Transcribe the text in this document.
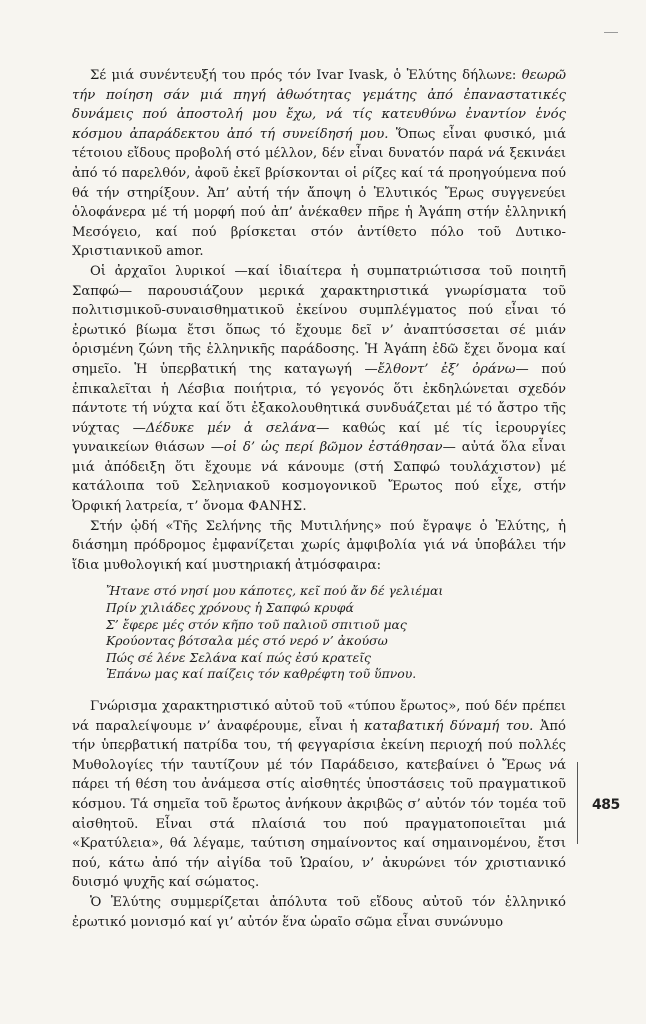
Σέ μιά συνέντευξή του πρός τόν Ivar Ivask, ὁ Ἐλύτης δήλωνε: θεωρῶ τήν ποίηση σάν μιά πηγή ἀθωότητας γεμάτης ἀπό ἐπαναστατικές δυνάμεις πού ἀποστολή μου ἔχω, νά τίς κατευθύνω ἐναντίον ἑνός κόσμου ἀπαράδεκτου ἀπό τή συνείδησή μου. Ὅπως εἶναι φυσικό, μιά τέτοιου εἴδους προβολή στό μέλλον, δέν εἶναι δυνατόν παρά νά ξεκινάει ἀπό τό παρελθόν, ἀφοῦ ἐκεῖ βρίσκονται οἱ ρίζες καί τά προηγούμενα πού θά τήν στηρίξουν. Ἀπ’ αὐτή τήν ἄποψη ὁ Ἐλυτικός Ἔρως συγγενεύει ὁλοφάνερα μέ τή μορφή πού ἀπ’ ἀνέκαθεν πῆρε ἡ Ἀγάπη στήν ἑλληνική Μεσόγειο, καί πού βρίσκεται στόν ἀντίθετο πόλο τοῦ Δυτικο-Χριστιανικοῦ amor.

Οἱ ἀρχαῖοι λυρικοί —καί ἰδιαίτερα ἡ συμπατριώτισσα τοῦ ποιητῆ Σαπφώ— παρουσιάζουν μερικά χαρακτηριστικά γνωρίσματα τοῦ πολιτισμικοῦ-συναισθηματικοῦ ἐκείνου συμπλέγματος πού εἶναι τό ἐρωτικό βίωμα ἔτσι ὅπως τό ἔχουμε δεῖ ν’ ἀναπτύσσεται σέ μιάν ὁρισμένη ζώνη τῆς ἑλληνικῆς παράδοσης. Ἡ Ἀγάπη ἐδῶ ἔχει ὄνομα καί σημεῖο. Ἡ ὑπερβατική της καταγωγή —ἔλθοντ’ ἐξ’ ὀράνω— πού ἐπικαλεῖται ἡ Λέσβια ποιήτρια, τό γεγονός ὅτι ἐκδηλώνεται σχεδόν πάντοτε τή νύχτα καί ὅτι ἐξακολουθητικά συνδυάζεται μέ τό ἄστρο τῆς νύχτας —Δέδυκε μέν ἀ σελάνα— καθώς καί μέ τίς ἱερουργίες γυναικείων θιάσων —οἱ δ’ ὡς περί βῶμον ἐστάθησαν— αὐτά ὅλα εἶναι μιά ἀπόδειξη ὅτι ἔχουμε νά κάνουμε (στή Σαπφώ τουλάχιστον) μέ κατάλοιπα τοῦ Σεληνιακοῦ κοσμογονικοῦ Ἔρωτος πού εἶχε, στήν Ὀρφική λατρεία, τ’ ὄνομα ΦΑΝΗΣ.

Στήν ᾠδή «Τῆς Σελήνης τῆς Μυτιλήνης» πού ἔγραψε ὁ Ἐλύτης, ἡ διάσημη πρόδρομος ἐμφανίζεται χωρίς ἀμφιβολία γιά νά ὑποβάλει τήν ἴδια μυθολογική καί μυστηριακή ἀτμόσφαιρα:

Ἤτανε στό νησί μου κάποτες, κεῖ πού ἄν δέ γελιέμαι
Πρίν χιλιάδες χρόνους ἡ Σαπφώ κρυφά
Σ’ ἔφερε μές στόν κῆπο τοῦ παλιοῦ σπιτιοῦ μας
Κρούοντας βότσαλα μές στό νερό ν’ ἀκούσω
Πώς σέ λένε Σελάνα καί πώς ἐσύ κρατεῖς
Ἐπάνω μας καί παίζεις τόν καθρέφτη τοῦ ὕπνου.

Γνώρισμα χαρακτηριστικό αὐτοῦ τοῦ «τύπου ἔρωτος», πού δέν πρέπει νά παραλείψουμε ν’ ἀναφέρουμε, εἶναι ἡ καταβατική δύναμή του. Ἀπό τήν ὑπερβατική πατρίδα του, τή φεγγαρίσια ἐκείνη περιοχή πού πολλές Μυθολογίες τήν ταυτίζουν μέ τόν Παράδεισο, κατεβαίνει ὁ Ἔρως νά πάρει τή θέση του ἀνάμεσα στίς αἰσθητές ὑποστάσεις τοῦ πραγματικοῦ κόσμου. Τά σημεῖα τοῦ ἔρωτος ἀνήκουν ἀκριβῶς σ’ αὐτόν τόν τομέα τοῦ αἰσθητοῦ. Εἶναι στά πλαίσιά του πού πραγματοποιεῖται μιά «Κρατύλεια», θά λέγαμε, ταύτιση σημαίνοντος καί σημαινομένου, ἔτσι πού, κάτω ἀπό τήν αἰγίδα τοῦ Ὡραίου, ν’ ἀκυρώνει τόν χριστιανικό δυισμό ψυχῆς καί σώματος.

Ὁ Ἐλύτης συμμερίζεται ἀπόλυτα τοῦ εἴδους αὐτοῦ τόν ἑλληνικό ἐρωτικό μονισμό καί γι’ αὐτόν ἕνα ὡραῖο σῶμα εἶναι συνώνυμο

485
